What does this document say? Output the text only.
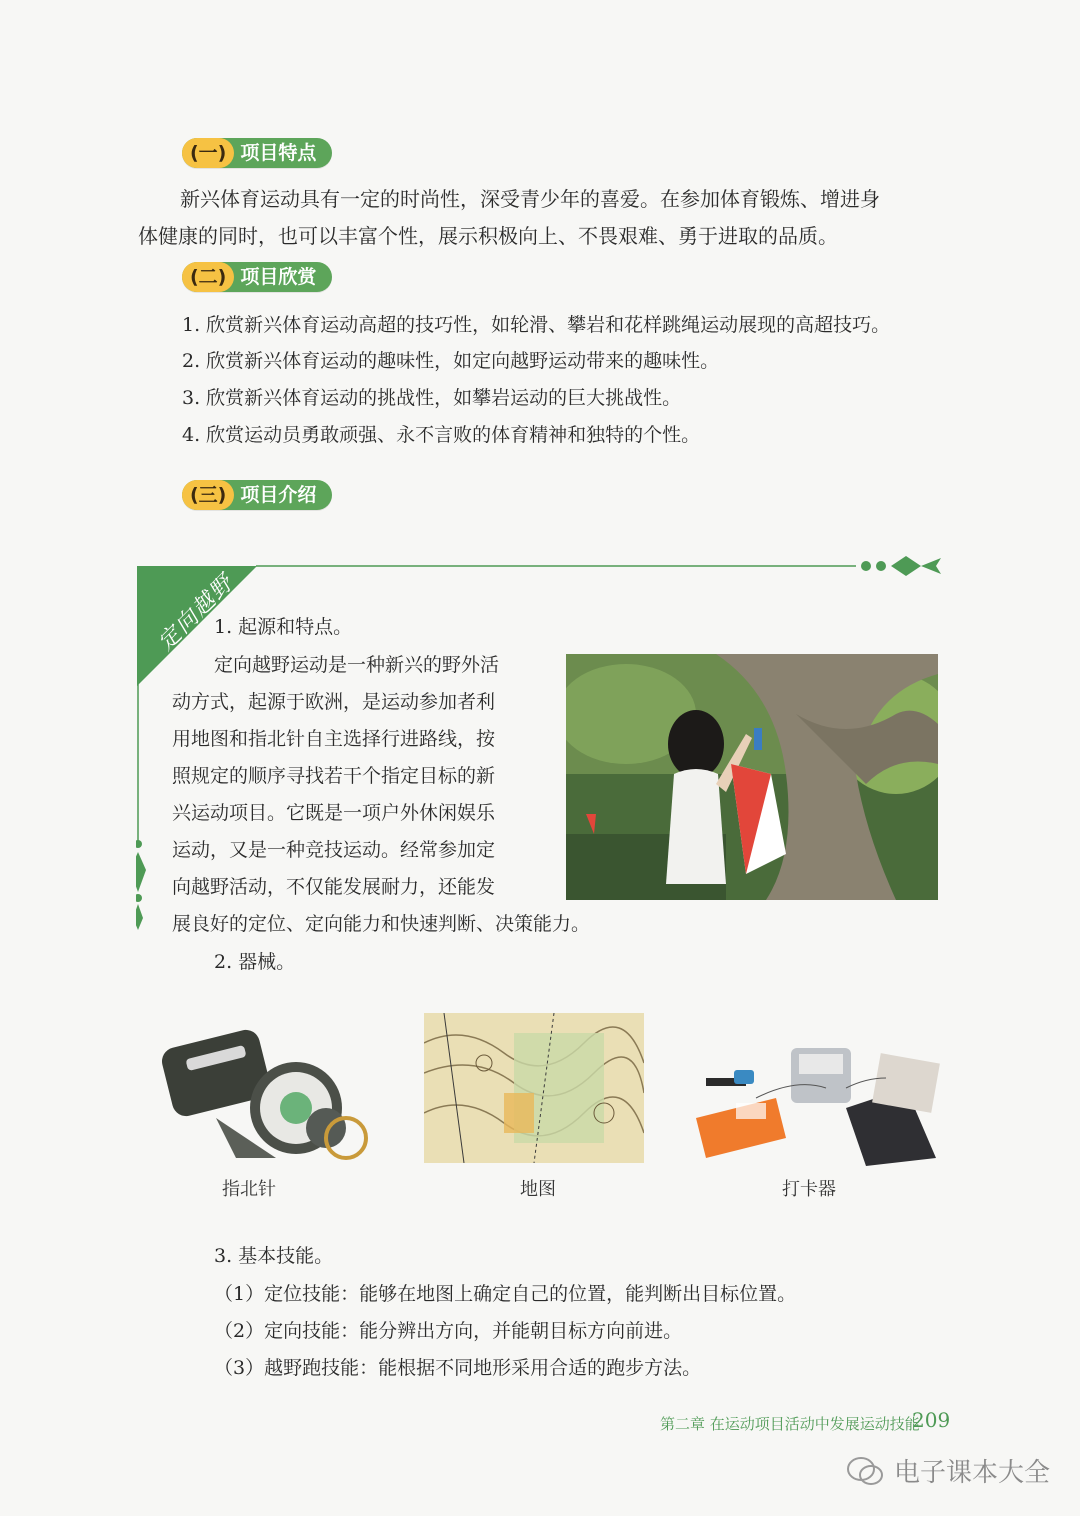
(一) 项目特点
新兴体育运动具有一定的时尚性，深受青少年的喜爱。在参加体育锻炼、增进身
体健康的同时，也可以丰富个性，展示积极向上、不畏艰难、勇于进取的品质。
(二) 项目欣赏
1. 欣赏新兴体育运动高超的技巧性，如轮滑、攀岩和花样跳绳运动展现的高超技巧。
2. 欣赏新兴体育运动的趣味性，如定向越野运动带来的趣味性。
3. 欣赏新兴体育运动的挑战性，如攀岩运动的巨大挑战性。
4. 欣赏运动员勇敢顽强、永不言败的体育精神和独特的个性。
(三) 项目介绍
定向越野
1. 起源和特点。
定向越野运动是一种新兴的野外活
动方式，起源于欧洲，是运动参加者利
用地图和指北针自主选择行进路线，按
照规定的顺序寻找若干个指定目标的新
兴运动项目。它既是一项户外休闲娱乐
运动，又是一种竞技运动。经常参加定
向越野活动，不仅能发展耐力，还能发
展良好的定位、定向能力和快速判断、决策能力。
2. 器械。
指北针	地图	打卡器
3. 基本技能。
（1）定位技能：能够在地图上确定自己的位置，能判断出目标位置。
（2）定向技能：能分辨出方向，并能朝目标方向前进。
（3）越野跑技能：能根据不同地形采用合适的跑步方法。
第二章 在运动项目活动中发展运动技能
209
电子课本大全
